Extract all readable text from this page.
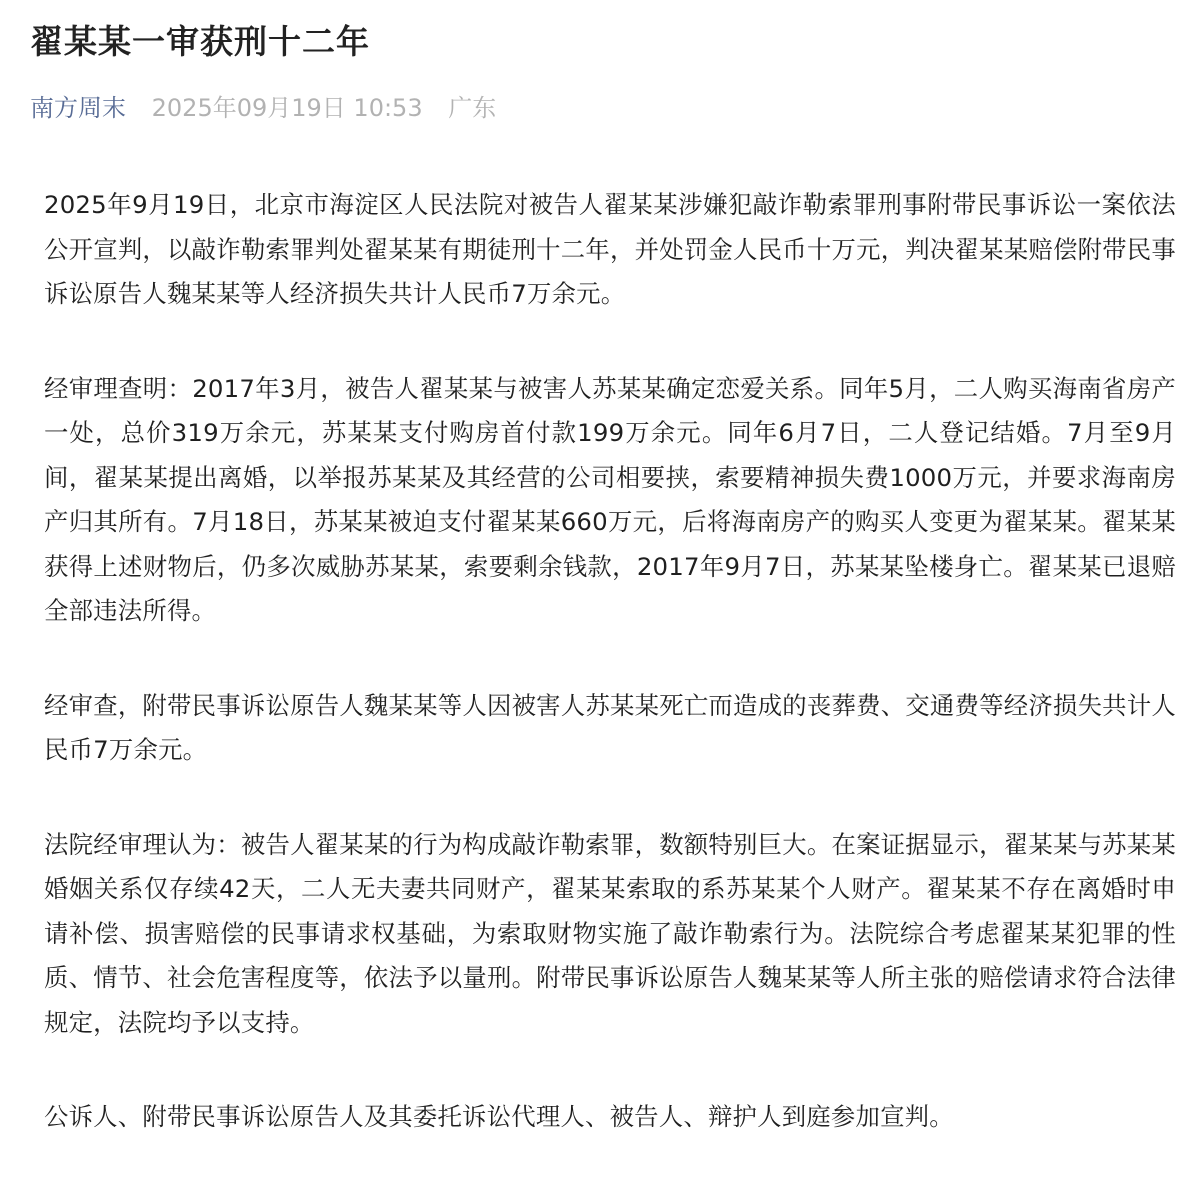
翟某某一审获刑十二年
南方周末 2025年09月19日 10:53 广东

2025年9月19日，北京市海淀区人民法院对被告人翟某某涉嫌犯敲诈勒索罪刑事附带民事诉讼一案依法公开宣判，以敲诈勒索罪判处翟某某有期徒刑十二年，并处罚金人民币十万元，判决翟某某赔偿附带民事诉讼原告人魏某某等人经济损失共计人民币7万余元。

经审理查明：2017年3月，被告人翟某某与被害人苏某某确定恋爱关系。同年5月，二人购买海南省房产一处，总价319万余元，苏某某支付购房首付款199万余元。同年6月7日，二人登记结婚。7月至9月间，翟某某提出离婚，以举报苏某某及其经营的公司相要挟，索要精神损失费1000万元，并要求海南房产归其所有。7月18日，苏某某被迫支付翟某某660万元，后将海南房产的购买人变更为翟某某。翟某某获得上述财物后，仍多次威胁苏某某，索要剩余钱款，2017年9月7日，苏某某坠楼身亡。翟某某已退赔全部违法所得。

经审查，附带民事诉讼原告人魏某某等人因被害人苏某某死亡而造成的丧葬费、交通费等经济损失共计人民币7万余元。

法院经审理认为：被告人翟某某的行为构成敲诈勒索罪，数额特别巨大。在案证据显示，翟某某与苏某某婚姻关系仅存续42天，二人无夫妻共同财产，翟某某索取的系苏某某个人财产。翟某某不存在离婚时申请补偿、损害赔偿的民事请求权基础，为索取财物实施了敲诈勒索行为。法院综合考虑翟某某犯罪的性质、情节、社会危害程度等，依法予以量刑。附带民事诉讼原告人魏某某等人所主张的赔偿请求符合法律规定，法院均予以支持。

公诉人、附带民事诉讼原告人及其委托诉讼代理人、被告人、辩护人到庭参加宣判。
